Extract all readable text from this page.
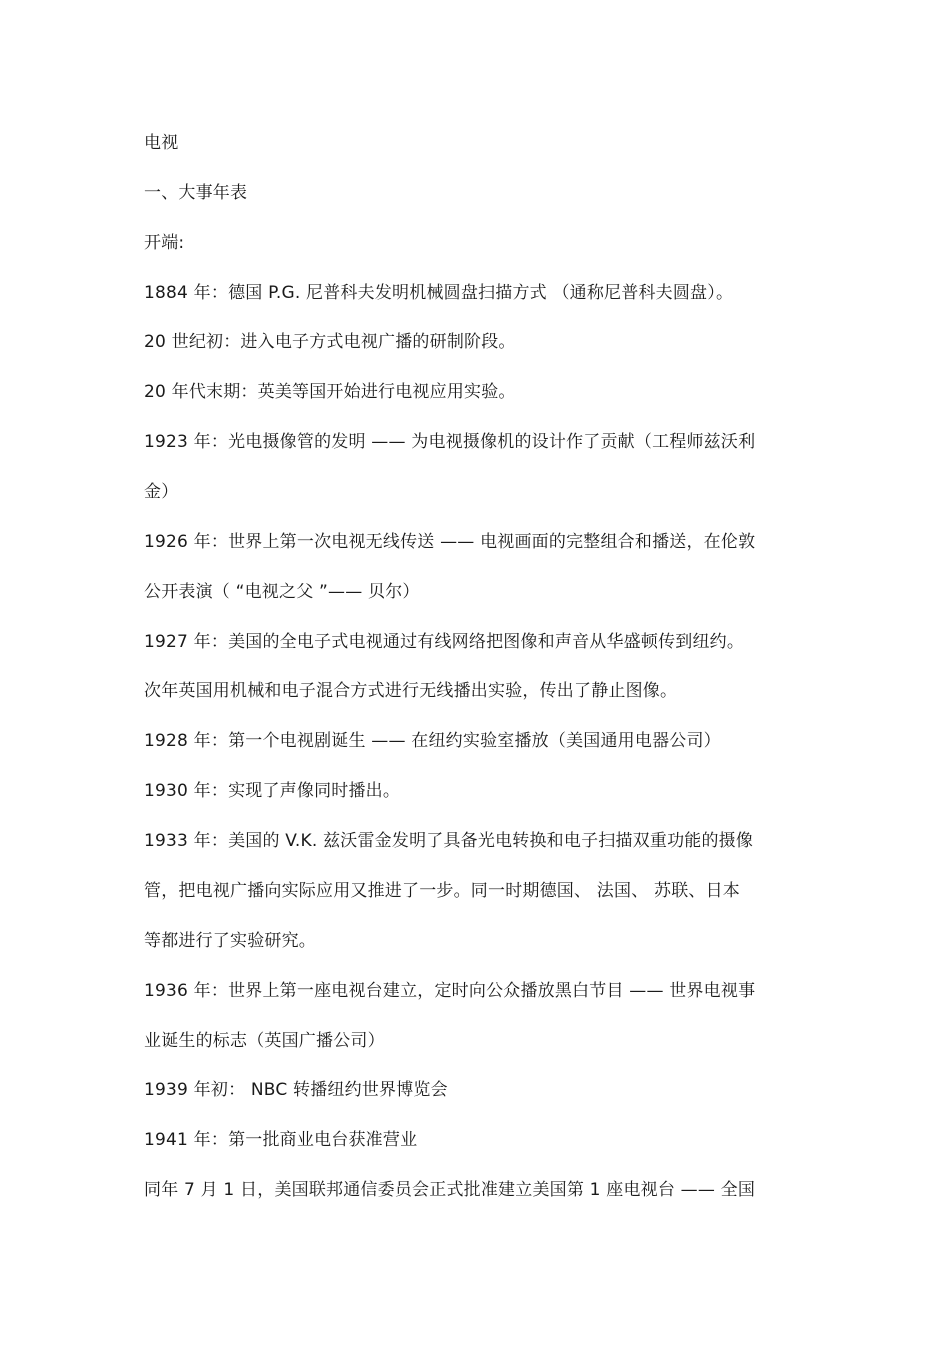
电视
一、大事年表
开端:
1884 年：德国 P.G. 尼普科夫发明机械圆盘扫描方式 （通称尼普科夫圆盘）。
20 世纪初：进入电子方式电视广播的研制阶段。
20 年代末期：英美等国开始进行电视应用实验。
1923 年：光电摄像管的发明 —— 为电视摄像机的设计作了贡献（工程师兹沃利
金）
1926 年：世界上第一次电视无线传送 —— 电视画面的完整组合和播送，在伦敦
公开表演（ “电视之父 ”—— 贝尔）
1927 年：美国的全电子式电视通过有线网络把图像和声音从华盛顿传到纽约。
次年英国用机械和电子混合方式进行无线播出实验，传出了静止图像。
1928 年：第一个电视剧诞生 —— 在纽约实验室播放（美国通用电器公司）
1930 年：实现了声像同时播出。
1933 年：美国的 V.K. 兹沃雷金发明了具备光电转换和电子扫描双重功能的摄像
管，把电视广播向实际应用又推进了一步。同一时期德国、 法国、 苏联、日本
等都进行了实验研究。
1936 年：世界上第一座电视台建立，定时向公众播放黑白节目 —— 世界电视事
业诞生的标志（英国广播公司）
1939 年初： NBC 转播纽约世界博览会
1941 年：第一批商业电台获准营业
同年 7 月 1 日，美国联邦通信委员会正式批准建立美国第 1 座电视台 —— 全国
